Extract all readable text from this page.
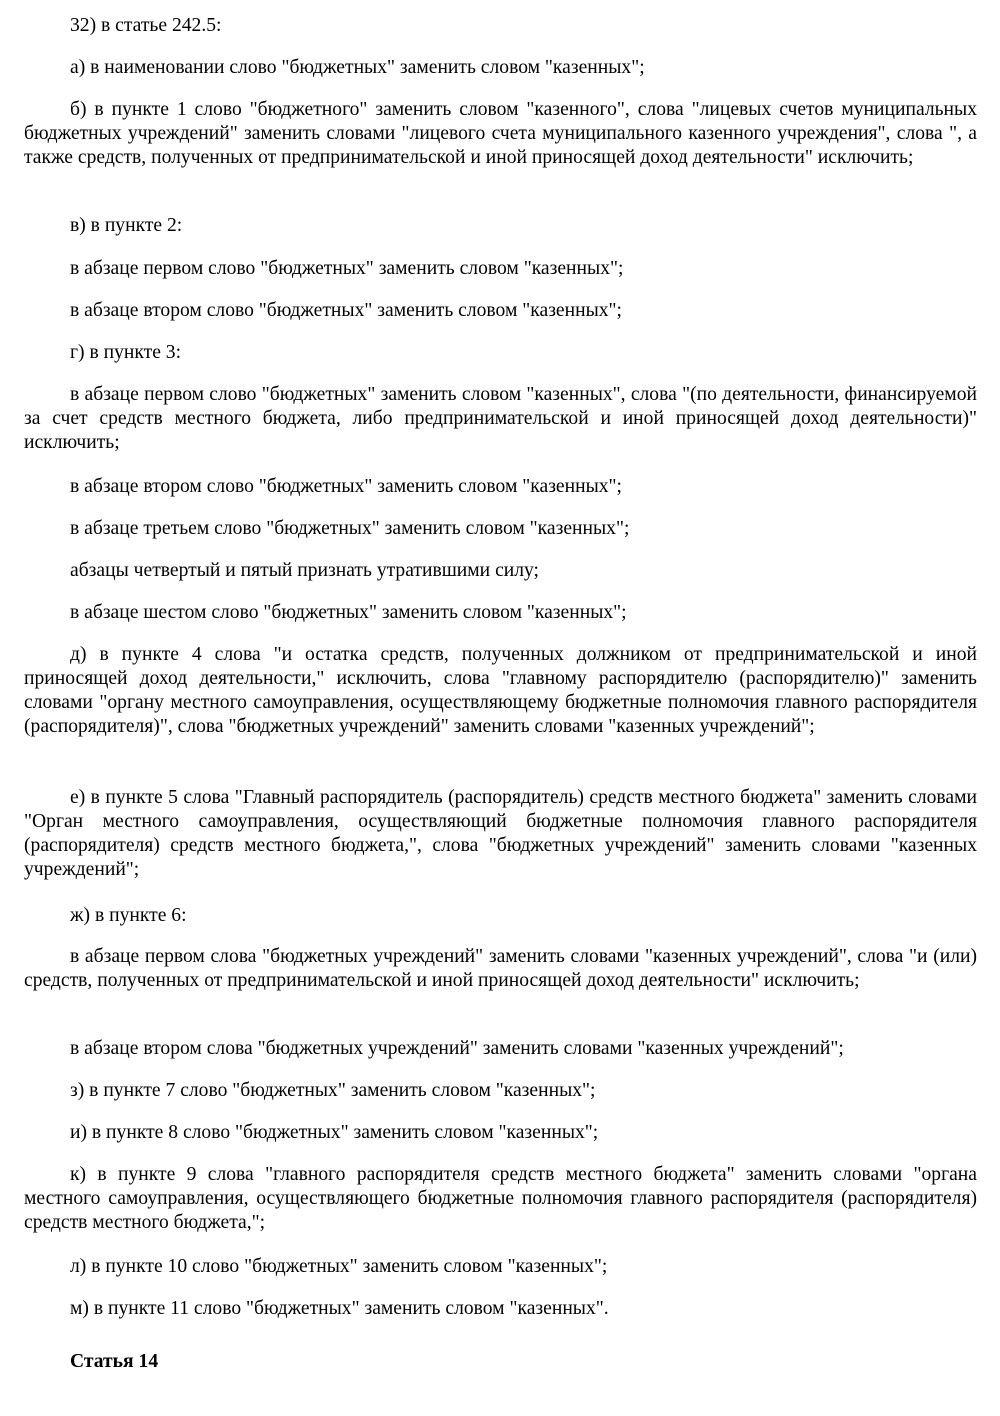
32) в статье 242.5:

а) в наименовании слово "бюджетных" заменить словом "казенных";

б) в пункте 1 слово "бюджетного" заменить словом "казенного", слова "лицевых счетов муниципальных бюджетных учреждений" заменить словами "лицевого счета муниципального казенного учреждения", слова ", а также средств, полученных от предпринимательской и иной приносящей доход деятельности" исключить;

в) в пункте 2:

в абзаце первом слово "бюджетных" заменить словом "казенных";

в абзаце втором слово "бюджетных" заменить словом "казенных";

г) в пункте 3:

в абзаце первом слово "бюджетных" заменить словом "казенных", слова "(по деятельности, финансируемой за счет средств местного бюджета, либо предпринимательской и иной приносящей доход деятельности)" исключить;

в абзаце втором слово "бюджетных" заменить словом "казенных";

в абзаце третьем слово "бюджетных" заменить словом "казенных";

абзацы четвертый и пятый признать утратившими силу;

в абзаце шестом слово "бюджетных" заменить словом "казенных";

д) в пункте 4 слова "и остатка средств, полученных должником от предпринимательской и иной приносящей доход деятельности," исключить, слова "главному распорядителю (распорядителю)" заменить словами "органу местного самоуправления, осуществляющему бюджетные полномочия главного распорядителя (распорядителя)", слова "бюджетных учреждений" заменить словами "казенных учреждений";

е) в пункте 5 слова "Главный распорядитель (распорядитель) средств местного бюджета" заменить словами "Орган местного самоуправления, осуществляющий бюджетные полномочия главного распорядителя (распорядителя) средств местного бюджета,", слова "бюджетных учреждений" заменить словами "казенных учреждений";

ж) в пункте 6:

в абзаце первом слова "бюджетных учреждений" заменить словами "казенных учреждений", слова "и (или) средств, полученных от предпринимательской и иной приносящей доход деятельности" исключить;

в абзаце втором слова "бюджетных учреждений" заменить словами "казенных учреждений";

з) в пункте 7 слово "бюджетных" заменить словом "казенных";

и) в пункте 8 слово "бюджетных" заменить словом "казенных";

к) в пункте 9 слова "главного распорядителя средств местного бюджета" заменить словами "органа местного самоуправления, осуществляющего бюджетные полномочия главного распорядителя (распорядителя) средств местного бюджета,";

л) в пункте 10 слово "бюджетных" заменить словом "казенных";

м) в пункте 11 слово "бюджетных" заменить словом "казенных".

Статья 14
